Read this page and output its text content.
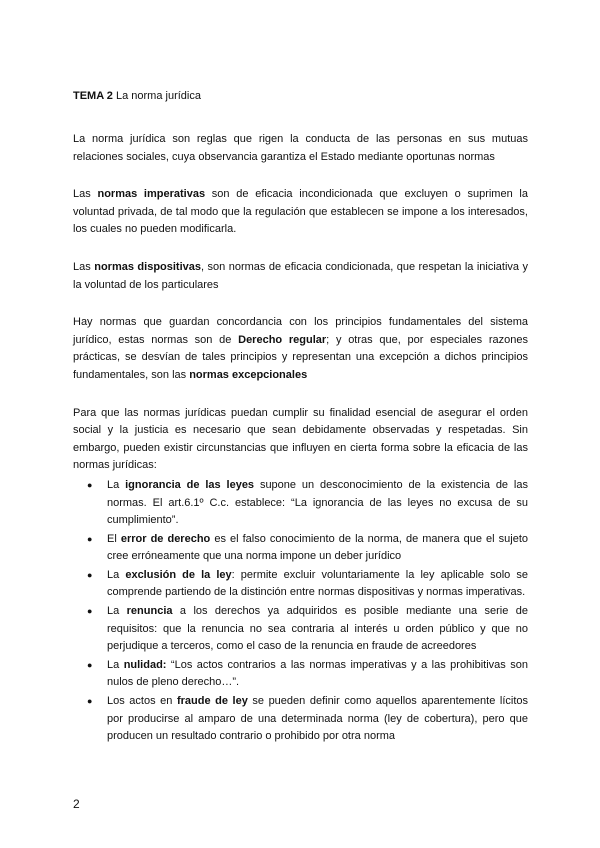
TEMA 2 La norma jurídica

La norma jurídica son reglas que rigen la conducta de las personas en sus mutuas relaciones sociales, cuya observancia garantiza el Estado mediante oportunas normas

Las normas imperativas son de eficacia incondicionada que excluyen o suprimen la voluntad privada, de tal modo que la regulación que establecen se impone a los interesados, los cuales no pueden modificarla.

Las normas dispositivas, son normas de eficacia condicionada, que respetan la iniciativa y la voluntad de los particulares

Hay normas que guardan concordancia con los principios fundamentales del sistema jurídico, estas normas son de Derecho regular; y otras que, por especiales razones prácticas, se desvían de tales principios y representan una excepción a dichos principios fundamentales, son las normas excepcionales

Para que las normas jurídicas puedan cumplir su finalidad esencial de asegurar el orden social y la justicia es necesario que sean debidamente observadas y respetadas. Sin embargo, pueden existir circunstancias que influyen en cierta forma sobre la eficacia de las normas jurídicas:

● La ignorancia de las leyes supone un desconocimiento de la existencia de las normas. El art.6.1º C.c. establece: “La ignorancia de las leyes no excusa de su cumplimiento”.
● El error de derecho es el falso conocimiento de la norma, de manera que el sujeto cree erróneamente que una norma impone un deber jurídico
● La exclusión de la ley: permite excluir voluntariamente la ley aplicable solo se comprende partiendo de la distinción entre normas dispositivas y normas imperativas.
● La renuncia a los derechos ya adquiridos es posible mediante una serie de requisitos: que la renuncia no sea contraria al interés u orden público y que no perjudique a terceros, como el caso de la renuncia en fraude de acreedores
● La nulidad: “Los actos contrarios a las normas imperativas y a las prohibitivas son nulos de pleno derecho…”.
● Los actos en fraude de ley se pueden definir como aquellos aparentemente lícitos por producirse al amparo de una determinada norma (ley de cobertura), pero que producen un resultado contrario o prohibido por otra norma
2
